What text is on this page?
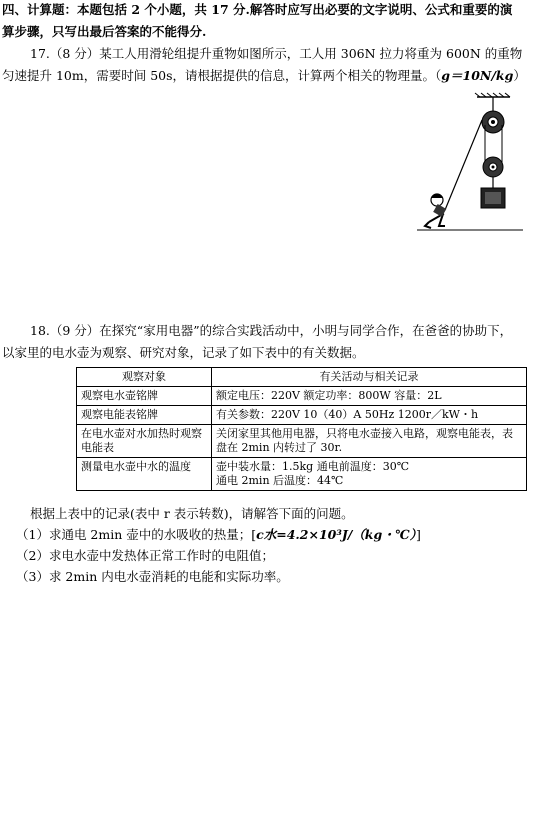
四、计算题：本题包括 2 个小题，共 17 分.解答时应写出必要的文字说明、公式和重要的演
算步骤，只写出最后答案的不能得分.
17.（8 分）某工人用滑轮组提升重物如图所示，工人用 306N 拉力将重为 600N 的重物
匀速提升 10m，需要时间 50s，请根据提供的信息，计算两个相关的物理量。（g＝10N/kg）
18.（9 分）在探究“家用电器”的综合实践活动中，小明与同学合作，在爸爸的协助下，
以家里的电水壶为观察、研究对象，记录了如下表中的有关数据。
观察对象	有关活动与相关记录
观察电水壶铭牌	额定电压：220V 额定功率：800W 容量：2L
观察电能表铭牌	有关参数：220V 10（40）A 50Hz 1200r／kW・h
在电水壶对水加热时观察电能表	关闭家里其他用电器，只将电水壶接入电路，观察电能表，表盘在 2min 内转过了 30r.
测量电水壶中水的温度	壶中装水量：1.5kg 通电前温度：30℃
通电 2min 后温度：44℃
根据上表中的记录(表中 r 表示转数)，请解答下面的问题。
（1）求通电 2min 壶中的水吸收的热量；[c水=4.2×10³J/（kg・℃）]
（2）求电水壶中发热体正常工作时的电阻值；
（3）求 2min 内电水壶消耗的电能和实际功率。
